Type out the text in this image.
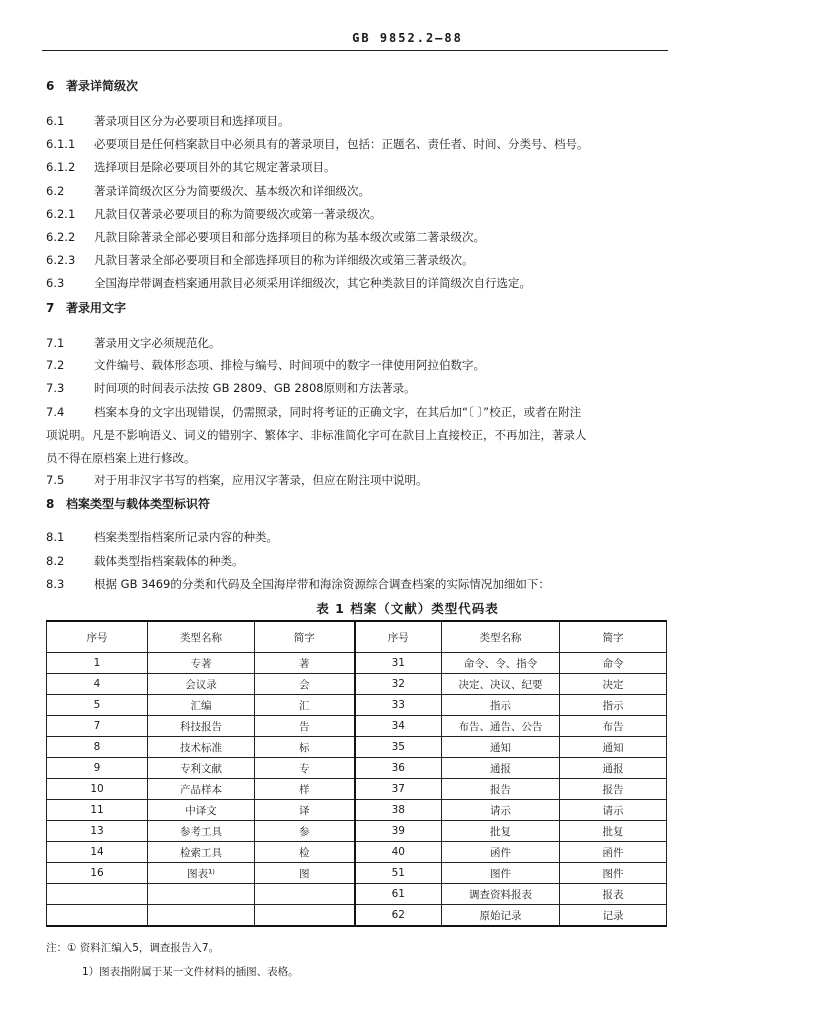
GB 9852.2—88
6 著录详简级次
6.1	著录项目区分为必要项目和选择项目。
6.1.1 必要项目是任何档案款目中必须具有的著录项目，包括：正题名、责任者、时间、分类号、档号。
6.1.2 选择项目是除必要项目外的其它规定著录项目。
6.2	著录详简级次区分为简要级次、基本级次和详细级次。
6.2.1 凡款目仅著录必要项目的称为简要级次或第一著录级次。
6.2.2 凡款目除著录全部必要项目和部分选择项目的称为基本级次或第二著录级次。
6.2.3 凡款目著录全部必要项目和全部选择项目的称为详细级次或第三著录级次。
6.3	全国海岸带调查档案通用款目必须采用详细级次，其它种类款目的详简级次自行选定。
7 著录用文字
7.1	著录用文字必须规范化。
7.2	文件编号、载体形态项、排检与编号、时间项中的数字一律使用阿拉伯数字。
7.3	时间项的时间表示法按 GB 2809、GB 2808原则和方法著录。
7.4	档案本身的文字出现错误，仍需照录，同时将考证的正确文字，在其后加“〔 〕”校正，或者在附注
项说明。凡是不影响语义、词义的错别字、繁体字、非标准简化字可在款目上直接校正，不再加注，著录人
员不得在原档案上进行修改。
7.5	对于用非汉字书写的档案，应用汉字著录，但应在附注项中说明。
8 档案类型与载体类型标识符
8.1	档案类型指档案所记录内容的种类。
8.2	载体类型指档案载体的种类。
8.3	根据 GB 3469的分类和代码及全国海岸带和海涂资源综合调查档案的实际情况加细如下：
表 1 档案（文献）类型代码表
序号	类型名称	简字	序号	类型名称	简字
1	专著	著	31	命令、令、指令	命令
4	会议录	会	32	决定、决议、纪要	决定
5	汇编	汇	33	指示	指示
7	科技报告	告	34	布告、通告、公告	布告
8	技术标准	标	35	通知	通知
9	专利文献	专	36	通报	通报
10	产品样本	样	37	报告	报告
11	中译文	译	38	请示	请示
13	参考工具	参	39	批复	批复
14	检索工具	检	40	函件	函件
16	图表¹⁾	图	51	图件	图件
			61	调查资料报表	报表
			62	原始记录	记录
注：① 资料汇编入5，调查报告入7。
1）图表指附属于某一文件材料的插图、表格。
